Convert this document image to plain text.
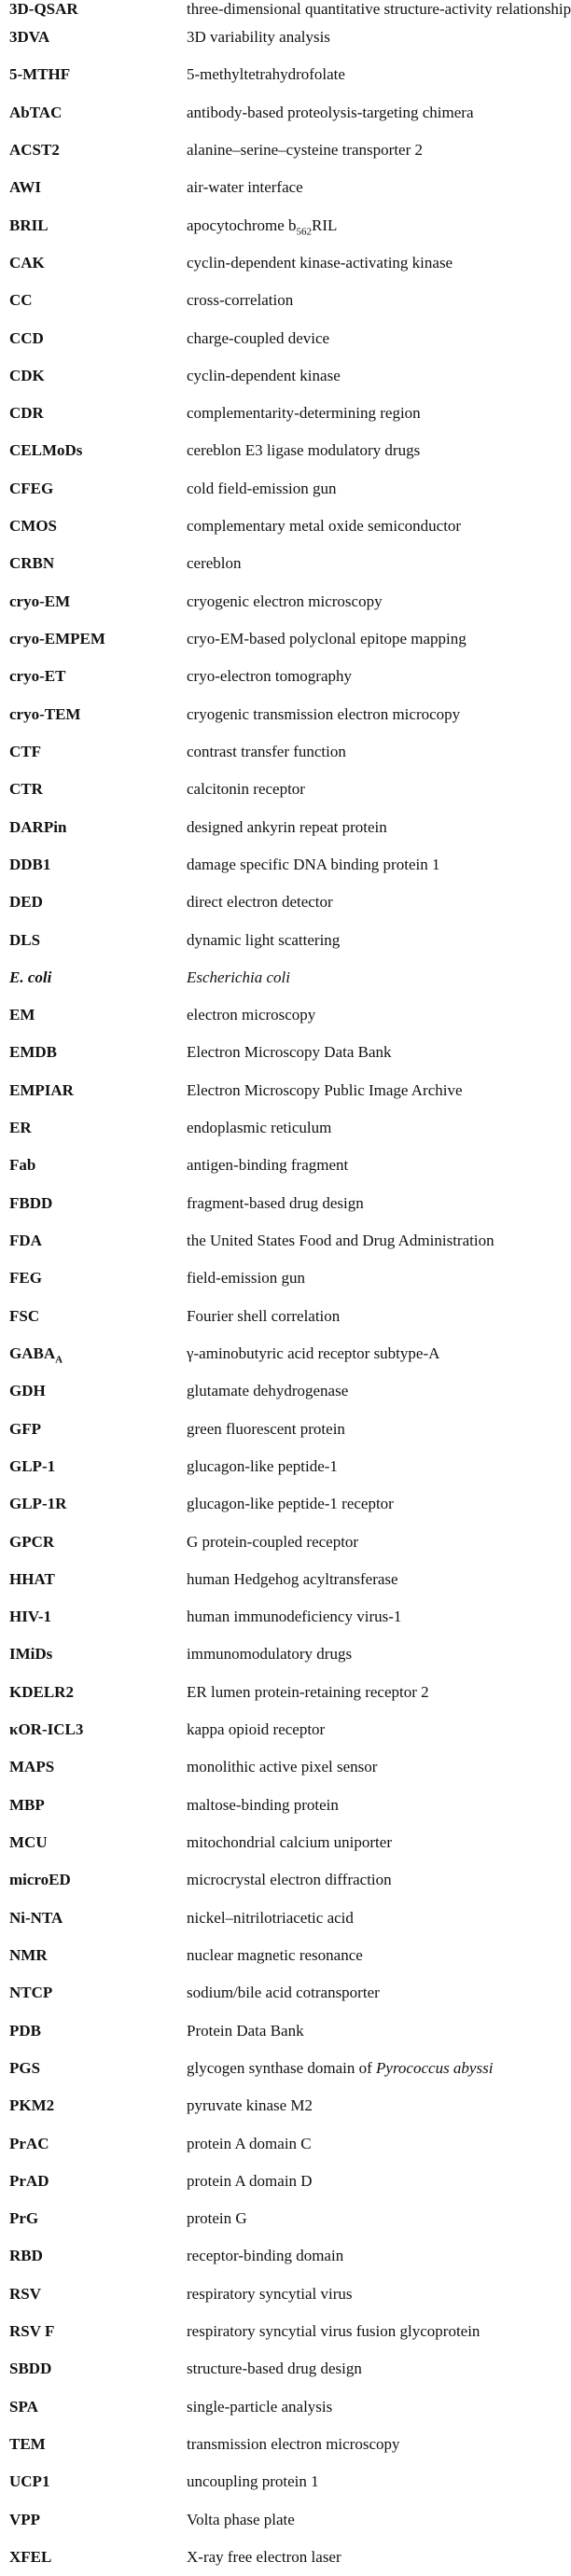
3D-QSAR	three-dimensional quantitative structure-activity relationship
3DVA	3D variability analysis
5-MTHF	5-methyltetrahydrofolate
AbTAC	antibody-based proteolysis-targeting chimera
ACST2	alanine–serine–cysteine transporter 2
AWI	air-water interface
BRIL	apocytochrome $b_{562}RIL$
CAK	cyclin-dependent kinase-activating kinase
CC	cross-correlation
CCD	charge-coupled device
CDK	cyclin-dependent kinase
CDR	complementarity-determining region
CELMoDs	cereblon E3 ligase modulatory drugs
CFEG	cold field-emission gun
CMOS	complementary metal oxide semiconductor
CRBN	cereblon
cryo-EM	cryogenic electron microscopy
cryo-EMPEM	cryo-EM-based polyclonal epitope mapping
cryo-ET	cryo-electron tomography
cryo-TEM	cryogenic transmission electron microcopy
CTF	contrast transfer function
CTR	calcitonin receptor
DARPin	designed ankyrin repeat protein
DDB1	damage specific DNA binding protein 1
DED	direct electron detector
DLS	dynamic light scattering
E. coli	Escherichia coli
EM	electron microscopy
EMDB	Electron Microscopy Data Bank
EMPIAR	Electron Microscopy Public Image Archive
ER	endoplasmic reticulum
Fab	antigen-binding fragment
FBDD	fragment-based drug design
FDA	the United States Food and Drug Administration
FEG	field-emission gun
FSC	Fourier shell correlation
$GABA_A$	γ-aminobutyric acid receptor subtype-A
GDH	glutamate dehydrogenase
GFP	green fluorescent protein
GLP-1	glucagon-like peptide-1
GLP-1R	glucagon-like peptide-1 receptor
GPCR	G protein-coupled receptor
HHAT	human Hedgehog acyltransferase
HIV-1	human immunodeficiency virus-1
IMiDs	immunomodulatory drugs
KDELR2	ER lumen protein-retaining receptor 2
κOR-ICL3	kappa opioid receptor
MAPS	monolithic active pixel sensor
MBP	maltose-binding protein
MCU	mitochondrial calcium uniporter
microED	microcrystal electron diffraction
Ni-NTA	nickel–nitrilotriacetic acid
NMR	nuclear magnetic resonance
NTCP	sodium/bile acid cotransporter
PDB	Protein Data Bank
PGS	glycogen synthase domain of Pyrococcus abyssi
PKM2	pyruvate kinase M2
PrAC	protein A domain C
PrAD	protein A domain D
PrG	protein G
RBD	receptor-binding domain
RSV	respiratory syncytial virus
RSV F	respiratory syncytial virus fusion glycoprotein
SBDD	structure-based drug design
SPA	single-particle analysis
TEM	transmission electron microscopy
UCP1	uncoupling protein 1
VPP	Volta phase plate
XFEL	X-ray free electron laser
